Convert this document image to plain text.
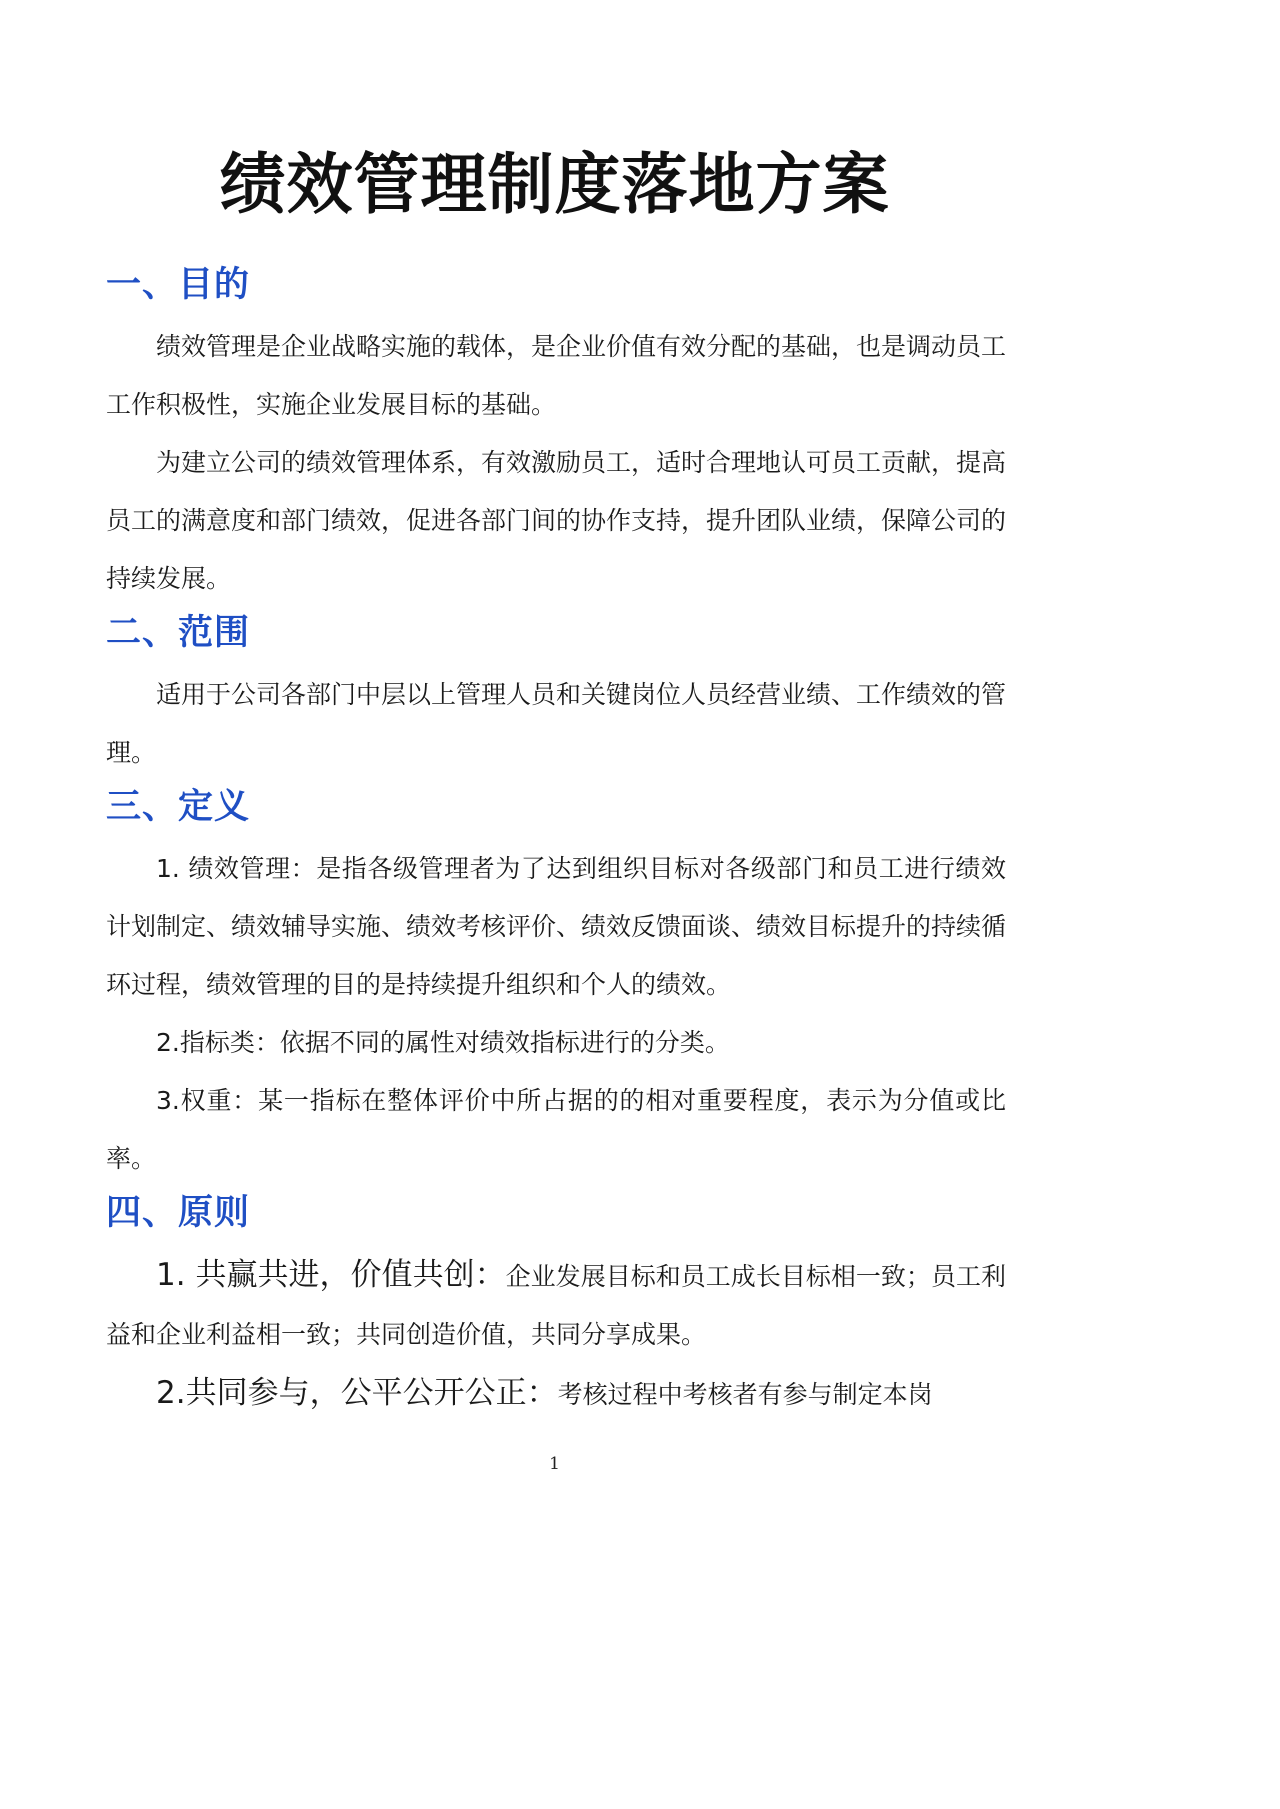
绩效管理制度落地方案
一、目的

绩效管理是企业战略实施的载体，是企业价值有效分配的基础，也是调动员工工作积极性，实施企业发展目标的基础。

为建立公司的绩效管理体系，有效激励员工，适时合理地认可员工贡献，提高员工的满意度和部门绩效，促进各部门间的协作支持，提升团队业绩，保障公司的持续发展。

二、范围

适用于公司各部门中层以上管理人员和关键岗位人员经营业绩、工作绩效的管理。

三、定义

1. 绩效管理：是指各级管理者为了达到组织目标对各级部门和员工进行绩效计划制定、绩效辅导实施、绩效考核评价、绩效反馈面谈、绩效目标提升的持续循环过程，绩效管理的目的是持续提升组织和个人的绩效。

2.指标类：依据不同的属性对绩效指标进行的分类。

3.权重：某一指标在整体评价中所占据的的相对重要程度，表示为分值或比率。

四、原则

1. 共赢共进，价值共创：企业发展目标和员工成长目标相一致；员工利益和企业利益相一致；共同创造价值，共同分享成果。

2.共同参与，公平公开公正：考核过程中考核者有参与制定本岗

1
